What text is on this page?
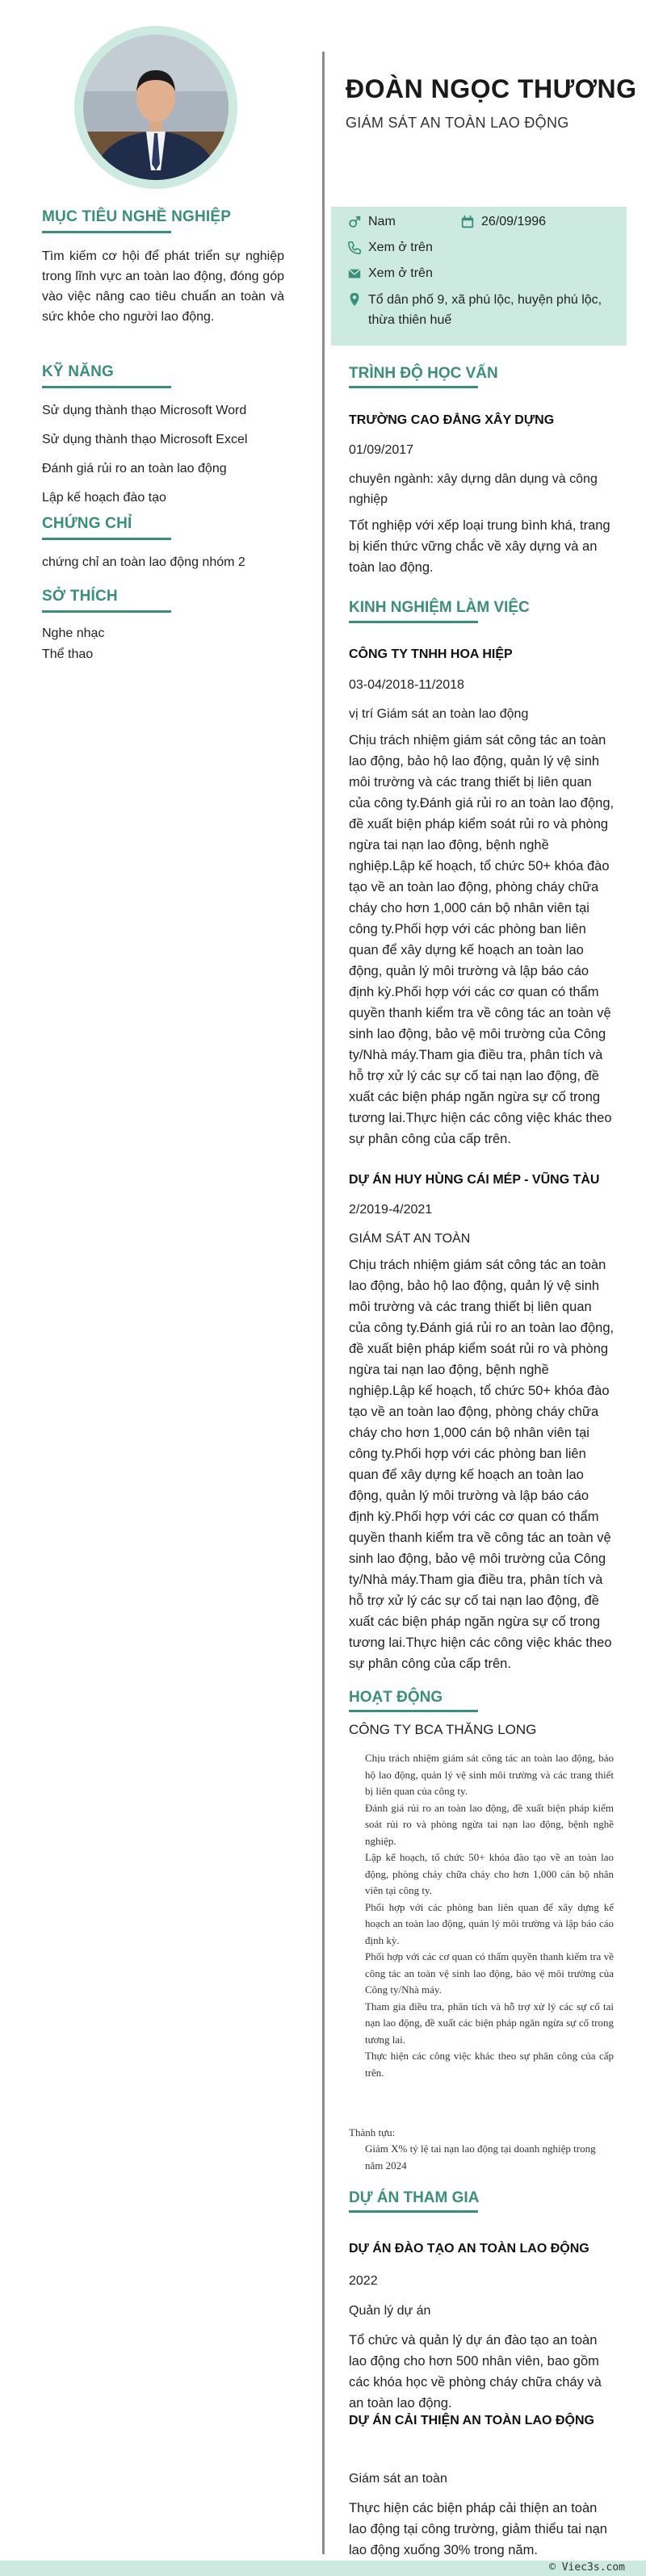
MỤC TIÊU NGHỀ NGHIỆP
Tìm kiếm cơ hội để phát triển sự nghiệp trong lĩnh vực an toàn lao động, đóng góp vào việc nâng cao tiêu chuẩn an toàn và sức khỏe cho người lao động.
KỸ NĂNG
Sử dụng thành thạo Microsoft Word
Sử dụng thành thạo Microsoft Excel
Đánh giá rủi ro an toàn lao động
Lập kế hoạch đào tạo
CHỨNG CHỈ
chứng chỉ an toàn lao động nhóm 2
SỞ THÍCH
Nghe nhạc
Thể thao
ĐOÀN NGỌC THƯƠNG
GIÁM SÁT AN TOÀN LAO ĐỘNG
Nam	26/09/1996
Xem ở trên
Xem ở trên
Tổ dân phố 9, xã phú lộc, huyện phú lộc, thừa thiên huế
TRÌNH ĐỘ HỌC VẤN
TRƯỜNG CAO ĐẲNG XÂY DỰNG
01/09/2017
chuyên ngành: xây dựng dân dụng và công nghiệp
Tốt nghiệp với xếp loại trung bình khá, trang bị kiến thức vững chắc về xây dựng và an toàn lao động.
KINH NGHIỆM LÀM VIỆC
CÔNG TY TNHH HOA HIỆP
03-04/2018-11/2018
vị trí Giám sát an toàn lao động
Chịu trách nhiệm giám sát công tác an toàn lao động, bảo hộ lao động, quản lý vệ sinh môi trường và các trang thiết bị liên quan của công ty.Đánh giá rủi ro an toàn lao động, đề xuất biện pháp kiểm soát rủi ro và phòng ngừa tai nạn lao động, bệnh nghề nghiệp.Lập kế hoạch, tổ chức 50+ khóa đào tạo về an toàn lao động, phòng cháy chữa cháy cho hơn 1,000 cán bộ nhân viên tại công ty.Phối hợp với các phòng ban liên quan để xây dựng kế hoạch an toàn lao động, quản lý môi trường và lập báo cáo định kỳ.Phối hợp với các cơ quan có thẩm quyền thanh kiểm tra về công tác an toàn vệ sinh lao động, bảo vệ môi trường của Công ty/Nhà máy.Tham gia điều tra, phân tích và hỗ trợ xử lý các sự cố tai nạn lao động, đề xuất các biện pháp ngăn ngừa sự cố trong tương lai.Thực hiện các công việc khác theo sự phân công của cấp trên.
DỰ ÁN HUY HÙNG CÁI MÉP - VŨNG TÀU
2/2019-4/2021
GIÁM SÁT AN TOÀN
Chịu trách nhiệm giám sát công tác an toàn lao động, bảo hộ lao động, quản lý vệ sinh môi trường và các trang thiết bị liên quan của công ty.Đánh giá rủi ro an toàn lao động, đề xuất biện pháp kiểm soát rủi ro và phòng ngừa tai nạn lao động, bệnh nghề nghiệp.Lập kế hoạch, tổ chức 50+ khóa đào tạo về an toàn lao động, phòng cháy chữa cháy cho hơn 1,000 cán bộ nhân viên tại công ty.Phối hợp với các phòng ban liên quan để xây dựng kế hoạch an toàn lao động, quản lý môi trường và lập báo cáo định kỳ.Phối hợp với các cơ quan có thẩm quyền thanh kiểm tra về công tác an toàn vệ sinh lao động, bảo vệ môi trường của Công ty/Nhà máy.Tham gia điều tra, phân tích và hỗ trợ xử lý các sự cố tai nạn lao động, đề xuất các biện pháp ngăn ngừa sự cố trong tương lai.Thực hiện các công việc khác theo sự phân công của cấp trên.
HOẠT ĐỘNG
CÔNG TY BCA THĂNG LONG

Chịu trách nhiệm giám sát công tác an toàn lao động, bảo hộ lao động, quản lý vệ sinh môi trường và các trang thiết bị liên quan của công ty.

Đánh giá rủi ro an toàn lao động, đề xuất biện pháp kiểm soát rủi ro và phòng ngừa tai nạn lao động, bệnh nghề nghiệp.

Lập kế hoạch, tổ chức 50+ khóa đào tạo về an toàn lao động, phòng cháy chữa cháy cho hơn 1,000 cán bộ nhân viên tại công ty.

Phối hợp với các phòng ban liên quan để xây dựng kế hoạch an toàn lao động, quản lý môi trường và lập báo cáo định kỳ.

Phối hợp với các cơ quan có thẩm quyền thanh kiểm tra về công tác an toàn vệ sinh lao động, bảo vệ môi trường của Công ty/Nhà máy.

Tham gia điều tra, phân tích và hỗ trợ xử lý các sự cố tai nạn lao động, đề xuất các biện pháp ngăn ngừa sự cố trong tương lai.

Thực hiện các công việc khác theo sự phân công của cấp trên.

Thành tựu:
Giảm X% tỷ lệ tai nạn lao động tại doanh nghiệp trong năm 2024
DỰ ÁN THAM GIA
DỰ ÁN ĐÀO TẠO AN TOÀN LAO ĐỘNG
2022
Quản lý dự án
Tổ chức và quản lý dự án đào tạo an toàn lao động cho hơn 500 nhân viên, bao gồm các khóa học về phòng cháy chữa cháy và an toàn lao động.
DỰ ÁN CẢI THIỆN AN TOÀN LAO ĐỘNG
Giám sát an toàn
Thực hiện các biện pháp cải thiện an toàn lao động tại công trường, giảm thiểu tai nạn lao động xuống 30% trong năm.
© Viec3s.com
